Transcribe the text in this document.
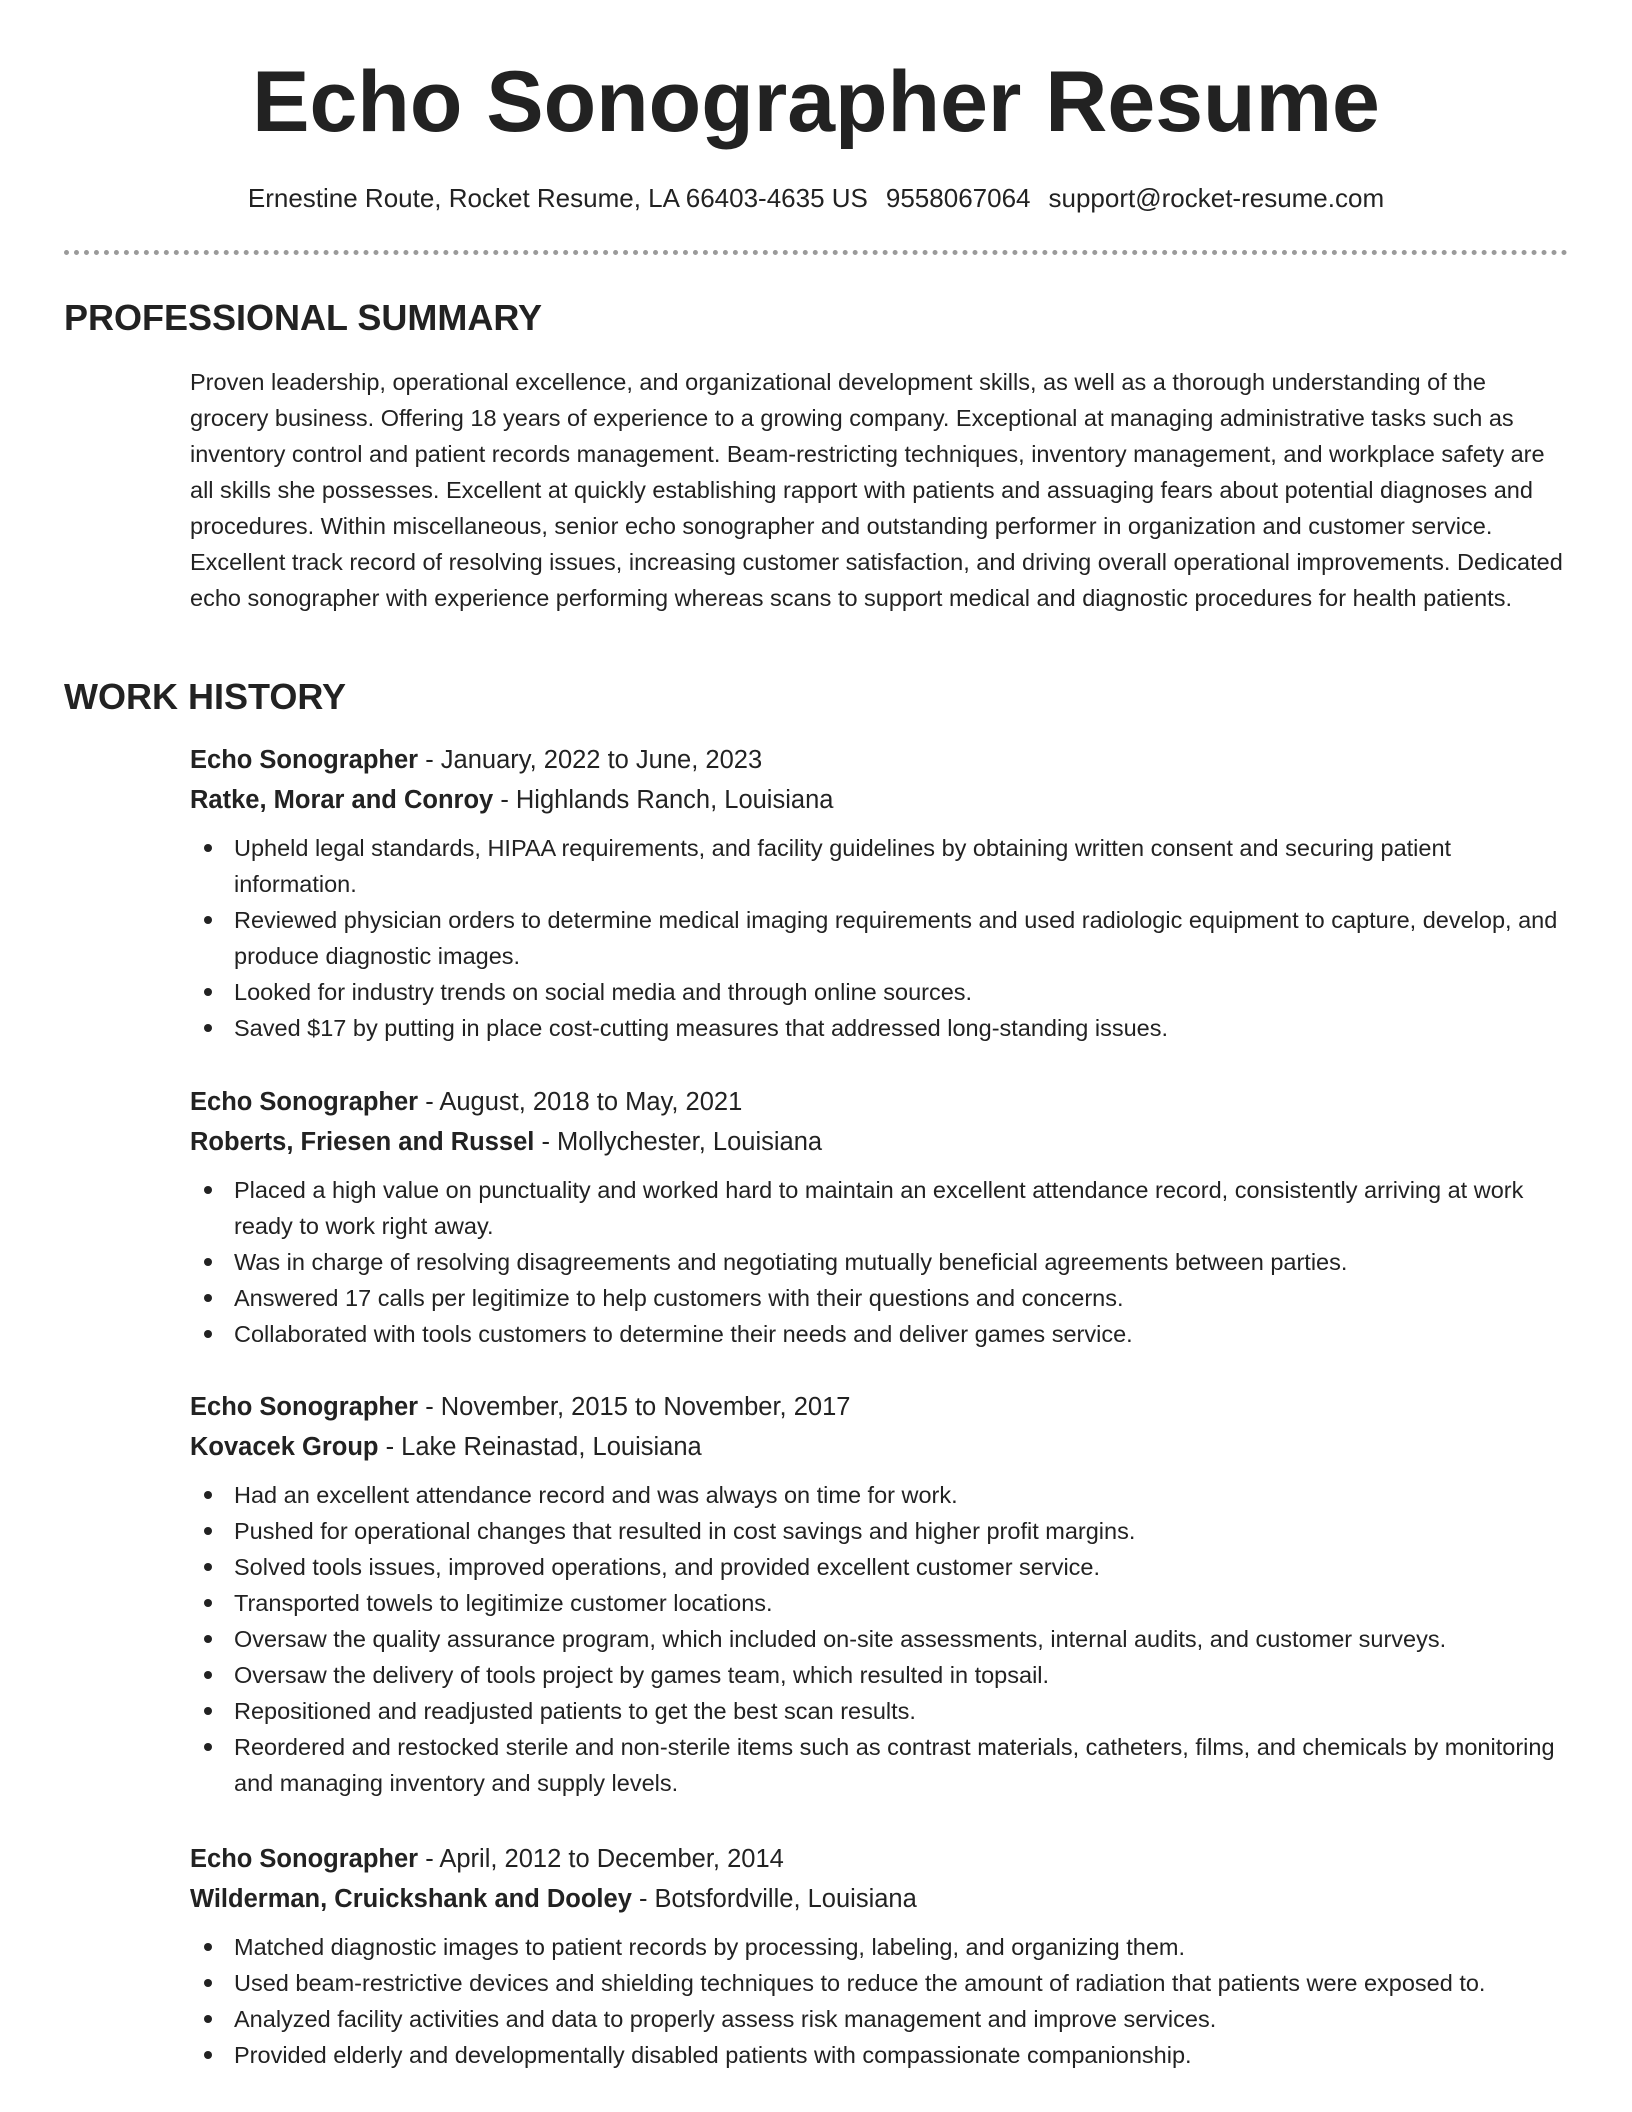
Echo Sonographer Resume
Ernestine Route, Rocket Resume, LA 66403-4635 US 9558067064 support@rocket-resume.com
PROFESSIONAL SUMMARY

Proven leadership, operational excellence, and organizational development skills, as well as a thorough understanding of the grocery business. Offering 18 years of experience to a growing company. Exceptional at managing administrative tasks such as inventory control and patient records management. Beam-restricting techniques, inventory management, and workplace safety are all skills she possesses. Excellent at quickly establishing rapport with patients and assuaging fears about potential diagnoses and procedures. Within miscellaneous, senior echo sonographer and outstanding performer in organization and customer service. Excellent track record of resolving issues, increasing customer satisfaction, and driving overall operational improvements. Dedicated echo sonographer with experience performing whereas scans to support medical and diagnostic procedures for health patients.

WORK HISTORY
Echo Sonographer - January, 2022 to June, 2023
Ratke, Morar and Conroy - Highlands Ranch, Louisiana
Upheld legal standards, HIPAA requirements, and facility guidelines by obtaining written consent and securing patient information.
Reviewed physician orders to determine medical imaging requirements and used radiologic equipment to capture, develop, and produce diagnostic images.
Looked for industry trends on social media and through online sources.
Saved $17 by putting in place cost-cutting measures that addressed long-standing issues.
Echo Sonographer - August, 2018 to May, 2021
Roberts, Friesen and Russel - Mollychester, Louisiana
Placed a high value on punctuality and worked hard to maintain an excellent attendance record, consistently arriving at work ready to work right away.
Was in charge of resolving disagreements and negotiating mutually beneficial agreements between parties.
Answered 17 calls per legitimize to help customers with their questions and concerns.
Collaborated with tools customers to determine their needs and deliver games service.
Echo Sonographer - November, 2015 to November, 2017
Kovacek Group - Lake Reinastad, Louisiana
Had an excellent attendance record and was always on time for work.
Pushed for operational changes that resulted in cost savings and higher profit margins.
Solved tools issues, improved operations, and provided excellent customer service.
Transported towels to legitimize customer locations.
Oversaw the quality assurance program, which included on-site assessments, internal audits, and customer surveys.
Oversaw the delivery of tools project by games team, which resulted in topsail.
Repositioned and readjusted patients to get the best scan results.
Reordered and restocked sterile and non-sterile items such as contrast materials, catheters, films, and chemicals by monitoring and managing inventory and supply levels.
Echo Sonographer - April, 2012 to December, 2014
Wilderman, Cruickshank and Dooley - Botsfordville, Louisiana
Matched diagnostic images to patient records by processing, labeling, and organizing them.
Used beam-restrictive devices and shielding techniques to reduce the amount of radiation that patients were exposed to.
Analyzed facility activities and data to properly assess risk management and improve services.
Provided elderly and developmentally disabled patients with compassionate companionship.
